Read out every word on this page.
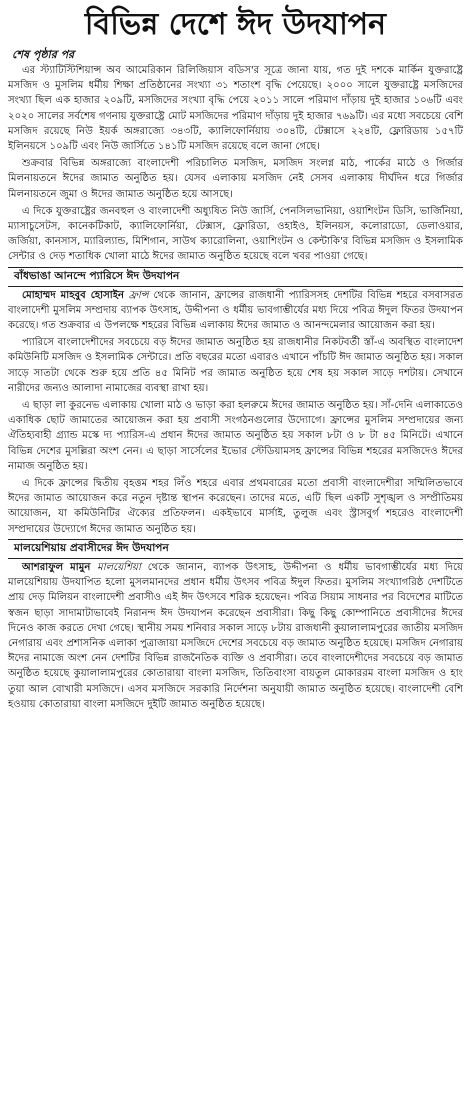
বিভিন্ন দেশে ঈদ উদযাপন
শেষ পৃষ্ঠার পর

এর স্ট্যাটিস্টিশিয়ান্স অব আমেরিকান রিলিজিয়াস বডিস'র সূত্রে জানা যায়, গত দুই দশকে মার্কিন যুক্তরাষ্ট্রে মসজিদ ও মুসলিম ধর্মীয় শিক্ষা প্রতিষ্ঠানের সংখ্যা ৩১ শতাংশ বৃদ্ধি পেয়েছে। ২০০০ সালে যুক্তরাষ্ট্রে মসজিদের সংখ্যা ছিল এক হাজার ২০৯টি, মসজিদের সংখ্যা বৃদ্ধি পেয়ে ২০১১ সালে পরিমাণ দাঁড়ায় দুই হাজার ১০৬টি এবং ২০২০ সালের সর্বশেষ গণনায় যুক্তরাষ্ট্রে মোট মসজিদের পরিমাণ দাঁড়ায় দুই হাজার ৭৬৯টি। এর মধ্যে সবচেয়ে বেশি মসজিদ রয়েছে নিউ ইয়র্ক অঙ্গরাজ্যে ৩৪৩টি, ক্যালিফোর্নিয়ায় ৩০৪টি, টেক্সাসে ২২৪টি, ফ্লোরিডায় ১৫৭টি ইলিনয়সে ১০৯টি এবং নিউ জার্সিতে ১৪১টি মসজিদ রয়েছে বলে জানা গেছে।

শুক্রবার বিভিন্ন অঙ্গরাজ্যে বাংলাদেশী পরিচালিত মসজিদ, মসজিদ সংলগ্ন মাঠ, পার্কের মাঠে ও গির্জার মিলনায়তনে ঈদের জামাত অনুষ্ঠিত হয়। যেসব এলাকায় মসজিদ নেই সেসব এলাকায় দীর্ঘদিন ধরে গির্জার মিলনায়তনে জুমা ও ঈদের জামাত অনুষ্ঠিত হয়ে আসছে।

এ দিকে যুক্তরাষ্ট্রের জনবহুল ও বাংলাদেশী অধ্যুষিত নিউ জার্সি, পেনসিলভানিয়া, ওয়াশিংটন ডিসি, ভার্জিনিয়া, ম্যাসাচুসেটস, কানেকটিকাট, ক্যালিফোর্নিয়া, টেক্সাস, ফ্লোরিডা, ওহাইও, ইলিনয়স, কলোরাডো, ডেলাওয়ার, জর্জিয়া, কানসাস, ম্যারিল্যান্ড, মিশিগান, সাউথ ক্যারোলিনা, ওয়াশিংটন ও কেন্টাকি'র বিভিন্ন মসজিদ ও ইসলামিক সেন্টার ও দেড় শতাধিক খোলা মাঠে ঈদের জামাত অনুষ্ঠিত হয়েছে বলে খবর পাওয়া গেছে।

বাঁধভাঙা আনন্দে প্যারিসে ঈদ উদযাপন

মোহাম্মদ মাহবুব হোসাইন ফ্রান্স থেকে জানান, ফ্রান্সের রাজধানী প্যারিসসহ দেশটির বিভিন্ন শহরে বসবাসরত বাংলাদেশী মুসলিম সম্প্রদায় ব্যাপক উৎসাহ, উদ্দীপনা ও ধর্মীয় ভাবগাম্ভীর্যের মধ্য দিয়ে পবিত্র ঈদুল ফিতর উদযাপন করেছে। গত শুক্রবার এ উপলক্ষে শহরের বিভিন্ন এলাকায় ঈদের জামাত ও আনন্দমেলার আয়োজন করা হয়।

প্যারিসে বাংলাদেশীদের সবচেয়ে বড় ঈদের জামাত অনুষ্ঠিত হয় রাজধানীর নিকটবর্তী স্তাঁ-এ অবস্থিত বাংলাদেশ কমিউনিটি মসজিদ ও ইসলামিক সেন্টারে। প্রতি বছরের মতো এবারও এখানে পাঁচটি ঈদ জামাত অনুষ্ঠিত হয়। সকাল সাড়ে সাতটা থেকে শুরু হয়ে প্রতি ৪৫ মিনিট পর জামাত অনুষ্ঠিত হয়ে শেষ হয় সকাল সাড়ে দশটায়। সেখানে নারীদের জন্যও আলাদা নামাজের ব্যবস্থা রাখা হয়।

এ ছাড়া লা কুরনেভ এলাকায় খোলা মাঠ ও ভাড়া করা হলরুমে ঈদের জামাত অনুষ্ঠিত হয়। সাঁ-দেনি এলাকাতেও একাধিক ছোট জামাতের আয়োজন করা হয় প্রবাসী সংগঠনগুলোর উদ্যোগে। ফ্রান্সের মুসলিম সম্প্রদায়ের জন্য ঐতিহ্যবাহী গ্র্যান্ড মস্কে দ্য প্যারিস-এ প্রধান ঈদের জামাত অনুষ্ঠিত হয় সকাল ৮টা ও ৮ টা ৪৫ মিনিটে। এখানে বিভিন্ন দেশের মুসল্লিরা অংশ নেন। এ ছাড়া সার্সেলের ইভোর স্টেডিয়ামসহ ফ্রান্সের বিভিন্ন শহরের মসজিদেও ঈদের নামাজ অনুষ্ঠিত হয়।

এ দিকে ফ্রান্সের দ্বিতীয় বৃহত্তম শহর লিঁও শহরে এবার প্রথমবারের মতো প্রবাসী বাংলাদেশীরা সম্মিলিতভাবে ঈদের জামাত আয়োজন করে নতুন দৃষ্টান্ত স্থাপন করেছেন। তাদের মতে, এটি ছিল একটি সুশৃঙ্খল ও সম্প্রীতিময় আয়োজন, যা কমিউনিটির ঐক্যের প্রতিফলন। একইভাবে মার্সাই, তুলুজ এবং স্ট্রাসবুর্গ শহরেও বাংলাদেশী সম্প্রদায়ের উদ্যোগে ঈদের জামাত অনুষ্ঠিত হয়।

মালয়েশিয়ায় প্রবাসীদের ঈদ উদযাপন

আশরাফুল মামুন মালয়েশিয়া থেকে জানান, ব্যাপক উৎসাহ, উদ্দীপনা ও ধর্মীয় ভাবগাম্ভীর্যের মধ্য দিয়ে মালয়েশিয়ায় উদযাপিত হলো মুসলমানদের প্রধান ধর্মীয় উৎসব পবিত্র ঈদুল ফিতর। মুসলিম সংখ্যাগরিষ্ঠ দেশটিতে প্রায় দেড় মিলিয়ন বাংলাদেশী প্রবাসীও এই ঈদ উৎসবে শরিক হয়েছেন। পবিত্র সিয়াম সাধনার পর বিদেশের মাটিতে স্বজন ছাড়া সাদামাটাভাবেই নিরানন্দ ঈদ উদযাপন করেছেন প্রবাসীরা। কিছু কিছু কোম্পানিতে প্রবাসীদের ঈদের দিনেও কাজ করতে দেখা গেছে। স্থানীয় সময় শনিবার সকাল সাড়ে ৮টায় রাজধানী কুয়ালালামপুরের জাতীয় মসজিদ নেগারায় এবং প্রশাসনিক এলাকা পুত্রাজায়া মসজিদে দেশের সবচেয়ে বড় জামাত অনুষ্ঠিত হয়েছে। মসজিদ নেগারায় ঈদের নামাজে অংশ নেন দেশটির বিভিন্ন রাজনৈতিক ব্যক্তি ও প্রবাসীরা। তবে বাংলাদেশীদের সবচেয়ে বড় জামাত অনুষ্ঠিত হয়েছে কুয়ালালামপুরের কোতারায়া বাংলা মসজিদ, তিতিবাংসা বায়তুল মোকাররম বাংলা মসজিদ ও হাং তুয়া আল বোখারী মসজিদে। এসব মসজিদে সরকারি নির্দেশনা অনুযায়ী জামাত অনুষ্ঠিত হয়েছে। বাংলাদেশী বেশি হওয়ায় কোতারায়া বাংলা মসজিদে দুইটি জামাত অনুষ্ঠিত হয়েছে।
